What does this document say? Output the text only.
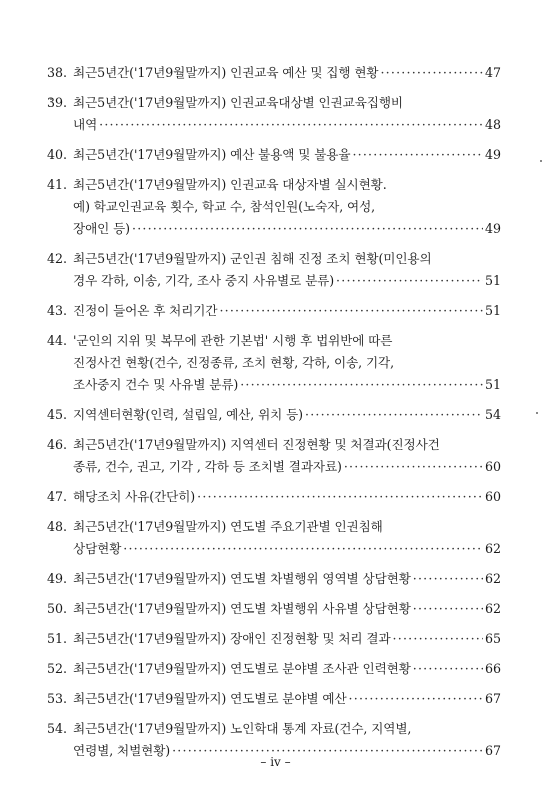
38. 최근5년간('17년9월말까지) 인권교육 예산 및 집행 현황 ·····	47
39. 최근5년간('17년9월말까지) 인권교육대상별 인권교육집행비
내역 ·····	48
40. 최근5년간('17년9월말까지) 예산 불용액 및 불용율 ·····	49
41. 최근5년간('17년9월말까지) 인권교육 대상자별 실시현황.
예) 학교인권교육 횟수, 학교 수, 참석인원(노숙자, 여성,
장애인 등) ·····	49
42. 최근5년간('17년9월말까지) 군인권 침해 진정 조치 현황(미인용의
경우 각하, 이송, 기각, 조사 중지 사유별로 분류) ·····	51
43. 진정이 들어온 후 처리기간 ·····	51
44. '군인의 지위 및 복무에 관한 기본법' 시행 후 법위반에 따른
진정사건 현황(건수, 진정종류, 조치 현황, 각하, 이송, 기각,
조사중지 건수 및 사유별 분류) ·····	51
45. 지역센터현황(인력, 설립일, 예산, 위치 등) ·····	54
46. 최근5년간('17년9월말까지) 지역센터 진정현황 및 처결과(진정사건
종류, 건수, 권고, 기각 , 각하 등 조치별 결과자료) ·····	60
47. 해당조치 사유(간단히) ·····	60
48. 최근5년간('17년9월말까지) 연도별 주요기관별 인권침해
상담현황 ·····	62
49. 최근5년간('17년9월말까지) 연도별 차별행위 영역별 상담현황 ·····	62
50. 최근5년간('17년9월말까지) 연도별 차별행위 사유별 상담현황 ·····	62
51. 최근5년간('17년9월말까지) 장애인 진정현황 및 처리 결과 ·····	65
52. 최근5년간('17년9월말까지) 연도별로 분야별 조사관 인력현황 ·····	66
53. 최근5년간('17년9월말까지) 연도별로 분야별 예산 ·····	67
54. 최근5년간('17년9월말까지) 노인학대 통계 자료(건수, 지역별,
연령별, 처벌현황) ·····	67
– iv –
